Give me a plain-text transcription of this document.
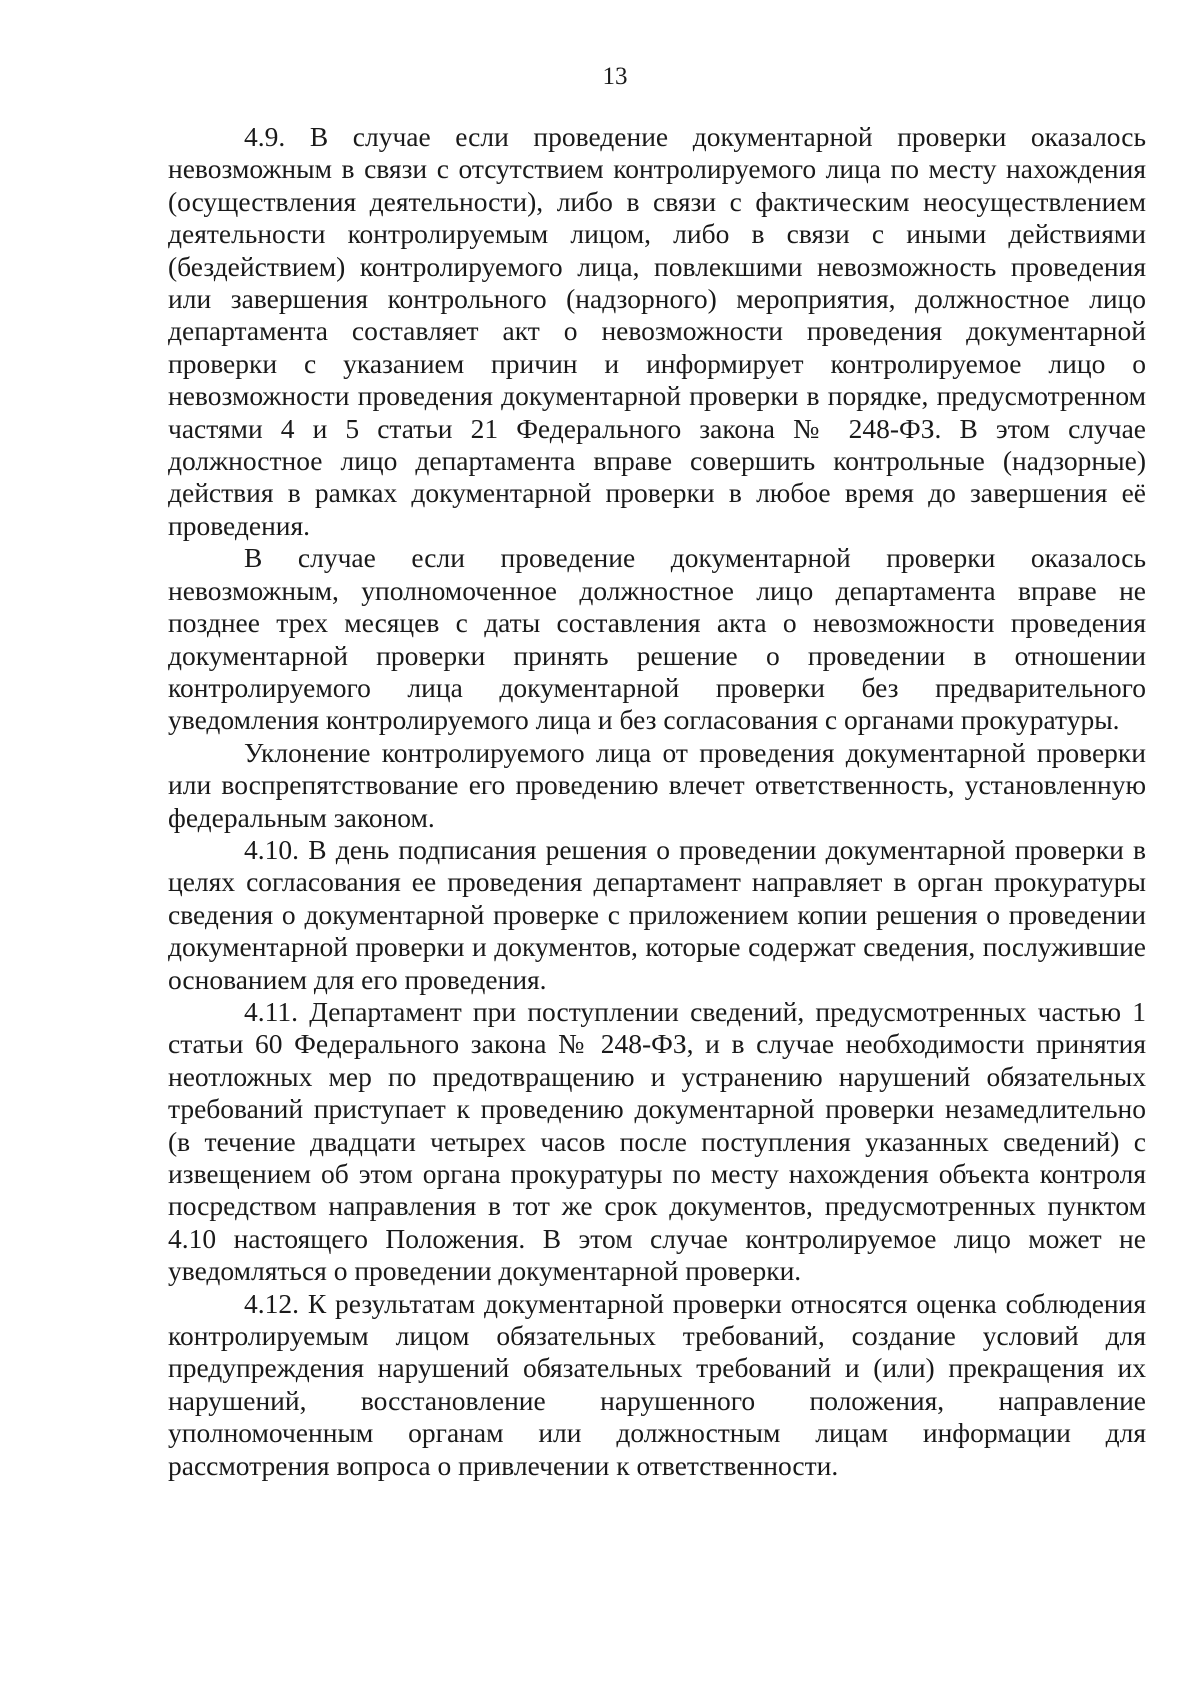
13

4.9. В случае если проведение документарной проверки оказалось невозможным в связи с отсутствием контролируемого лица по месту нахождения (осуществления деятельности), либо в связи с фактическим неосуществлением деятельности контролируемым лицом, либо в связи с иными действиями (бездействием) контролируемого лица, повлекшими невозможность проведения или завершения контрольного (надзорного) мероприятия, должностное лицо департамента составляет акт о невозможности проведения документарной проверки с указанием причин и информирует контролируемое лицо о невозможности проведения документарной проверки в порядке, предусмотренном частями 4 и 5 статьи 21 Федерального закона № 248-ФЗ. В этом случае должностное лицо департамента вправе совершить контрольные (надзорные) действия в рамках документарной проверки в любое время до завершения её проведения.

В случае если проведение документарной проверки оказалось невозможным, уполномоченное должностное лицо департамента вправе не позднее трех месяцев с даты составления акта о невозможности проведения документарной проверки принять решение о проведении в отношении контролируемого лица документарной проверки без предварительного уведомления контролируемого лица и без согласования с органами прокуратуры.

Уклонение контролируемого лица от проведения документарной проверки или воспрепятствование его проведению влечет ответственность, установленную федеральным законом.

4.10. В день подписания решения о проведении документарной проверки в целях согласования ее проведения департамент направляет в орган прокуратуры сведения о документарной проверке с приложением копии решения о проведении документарной проверки и документов, которые содержат сведения, послужившие основанием для его проведения.

4.11. Департамент при поступлении сведений, предусмотренных частью 1 статьи 60 Федерального закона № 248-ФЗ, и в случае необходимости принятия неотложных мер по предотвращению и устранению нарушений обязательных требований приступает к проведению документарной проверки незамедлительно (в течение двадцати четырех часов после поступления указанных сведений) с извещением об этом органа прокуратуры по месту нахождения объекта контроля посредством направления в тот же срок документов, предусмотренных пунктом 4.10 настоящего Положения. В этом случае контролируемое лицо может не уведомляться о проведении документарной проверки.

4.12. К результатам документарной проверки относятся оценка соблюдения контролируемым лицом обязательных требований, создание условий для предупреждения нарушений обязательных требований и (или) прекращения их нарушений, восстановление нарушенного положения, направление уполномоченным органам или должностным лицам информации для рассмотрения вопроса о привлечении к ответственности.
